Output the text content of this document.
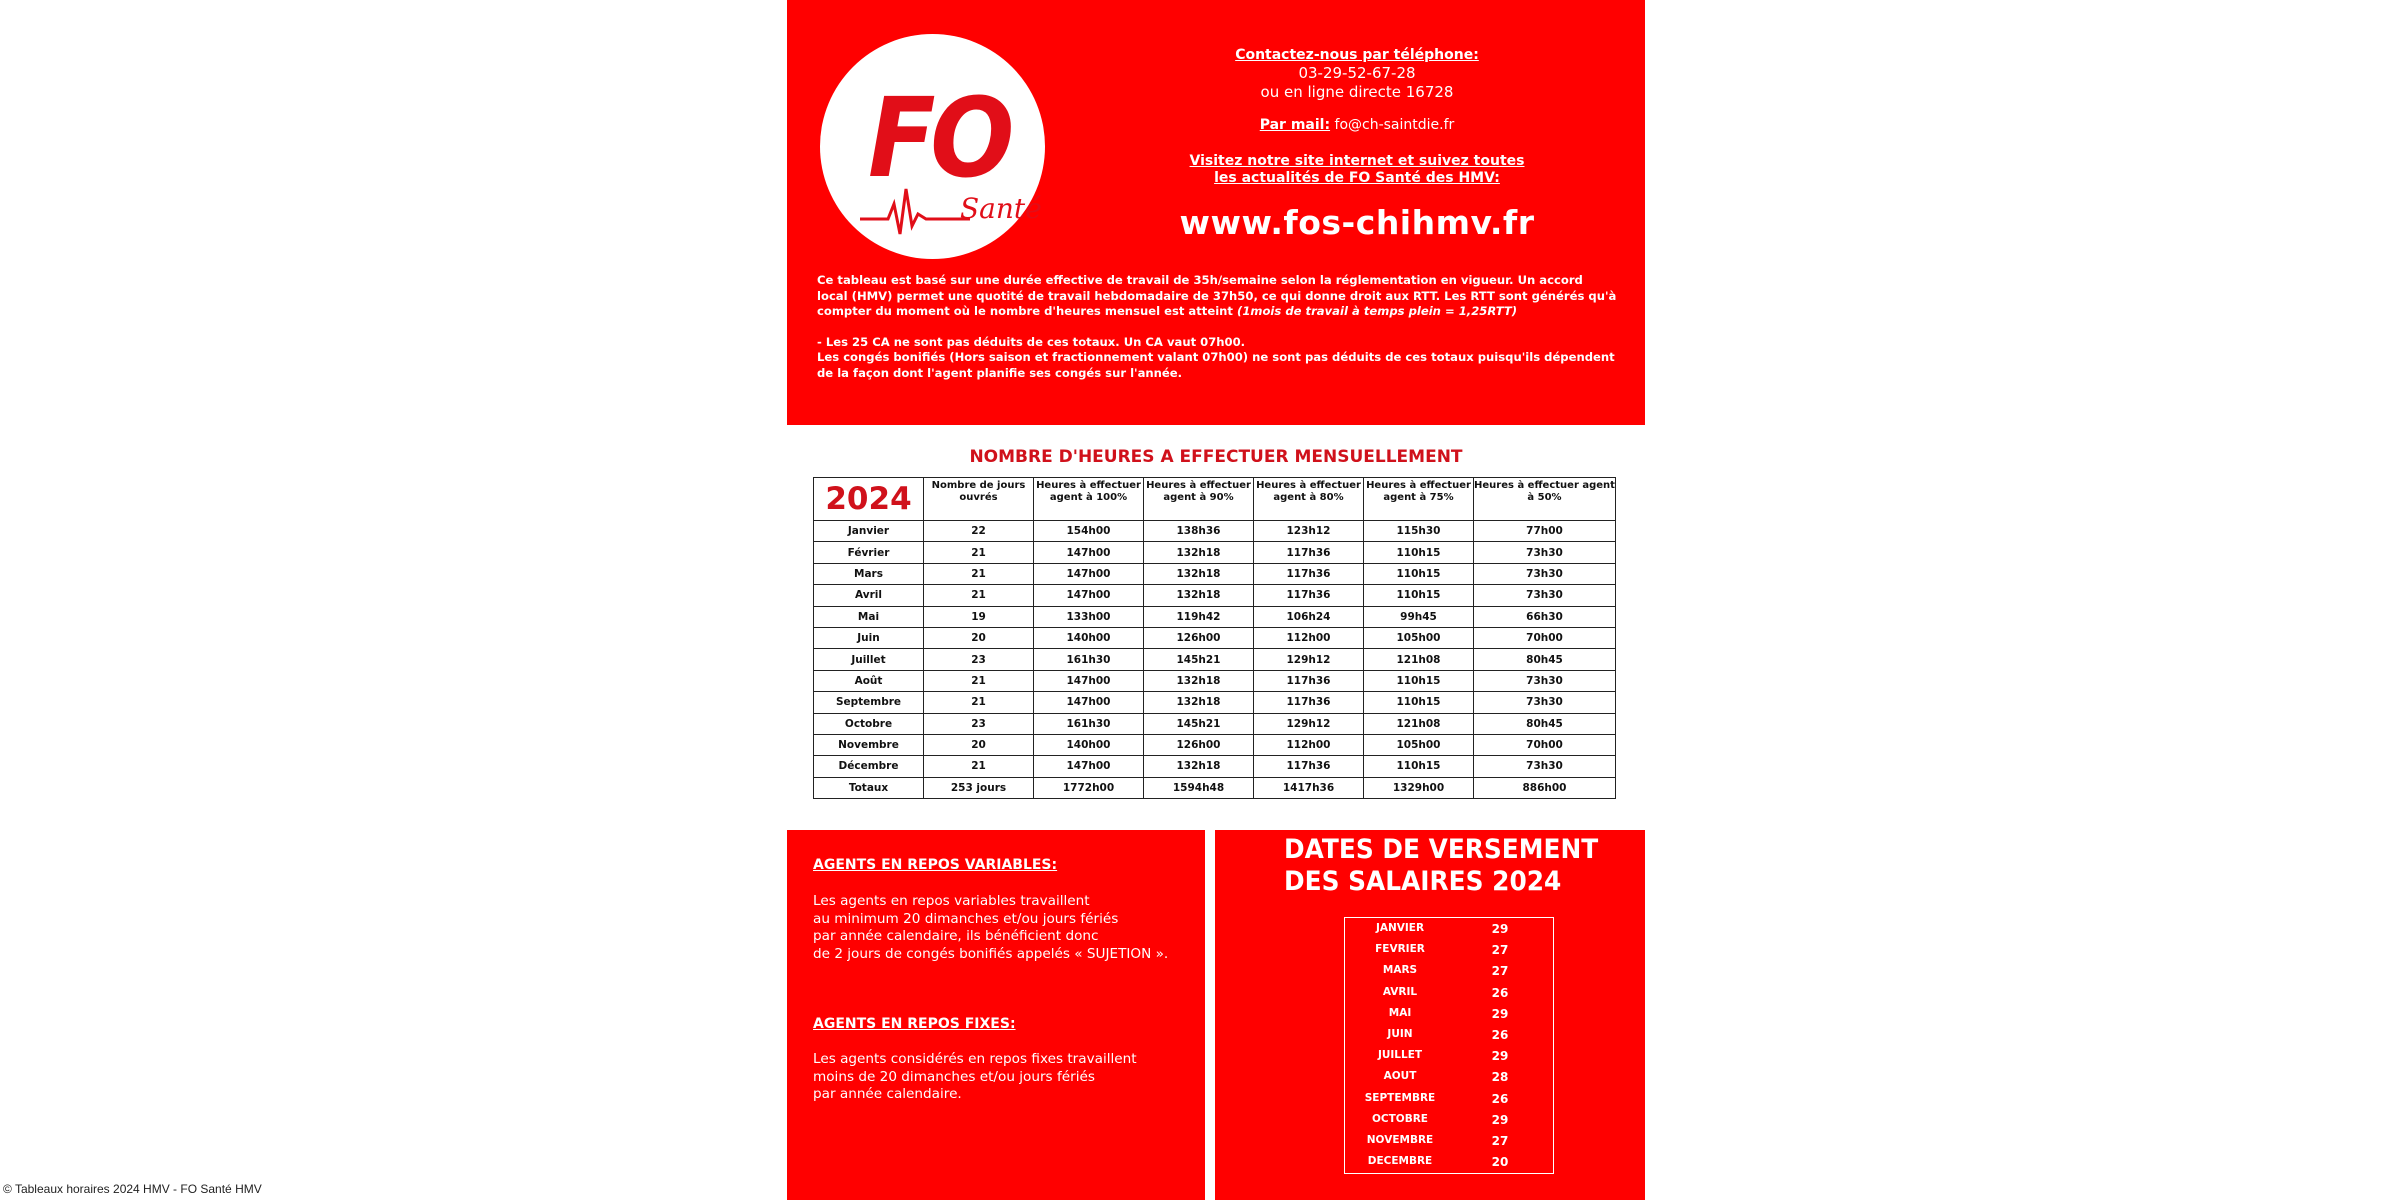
FO
Santé
Contactez-nous par téléphone:
03-29-52-67-28
ou en ligne directe 16728
Par mail: fo@ch-saintdie.fr
Visitez notre site internet et suivez toutes
les actualités de FO Santé des HMV:
www.fos-chihmv.fr
Ce tableau est basé sur une durée effective de travail de 35h/semaine selon la réglementation en vigueur. Un accord local (HMV) permet une quotité de travail hebdomadaire de 37h50, ce qui donne droit aux RTT. Les RTT sont générés qu'à compter du moment où le nombre d'heures mensuel est atteint (1mois de travail à temps plein = 1,25RTT)
- Les 25 CA ne sont pas déduits de ces totaux. Un CA vaut 07h00.
Les congés bonifiés (Hors saison et fractionnement valant 07h00) ne sont pas déduits de ces totaux puisqu'ils dépendent de la façon dont l'agent planifie ses congés sur l'année.
NOMBRE D'HEURES A EFFECTUER MENSUELLEMENT
2024	Nombre de jours ouvrés	Heures à effectuer agent à 100%	Heures à effectuer agent à 90%	Heures à effectuer agent à 80%	Heures à effectuer agent à 75%	Heures à effectuer agent à 50%
Janvier	22	154h00	138h36	123h12	115h30	77h00
Février	21	147h00	132h18	117h36	110h15	73h30
Mars	21	147h00	132h18	117h36	110h15	73h30
Avril	21	147h00	132h18	117h36	110h15	73h30
Mai	19	133h00	119h42	106h24	99h45	66h30
Juin	20	140h00	126h00	112h00	105h00	70h00
Juillet	23	161h30	145h21	129h12	121h08	80h45
Août	21	147h00	132h18	117h36	110h15	73h30
Septembre	21	147h00	132h18	117h36	110h15	73h30
Octobre	23	161h30	145h21	129h12	121h08	80h45
Novembre	20	140h00	126h00	112h00	105h00	70h00
Décembre	21	147h00	132h18	117h36	110h15	73h30
Totaux	253 jours	1772h00	1594h48	1417h36	1329h00	886h00
AGENTS EN REPOS VARIABLES:
Les agents en repos variables travaillent
au minimum 20 dimanches et/ou jours fériés
par année calendaire, ils bénéficient donc
de 2 jours de congés bonifiés appelés « SUJETION ».
AGENTS EN REPOS FIXES:
Les agents considérés en repos fixes travaillent
moins de 20 dimanches et/ou jours fériés
par année calendaire.
DATES DE VERSEMENT
DES SALAIRES 2024
JANVIER	29
FEVRIER	27
MARS	27
AVRIL	26
MAI	29
JUIN	26
JUILLET	29
AOUT	28
SEPTEMBRE	26
OCTOBRE	29
NOVEMBRE	27
DECEMBRE	20
© Tableaux horaires 2024 HMV - FO Santé HMV
